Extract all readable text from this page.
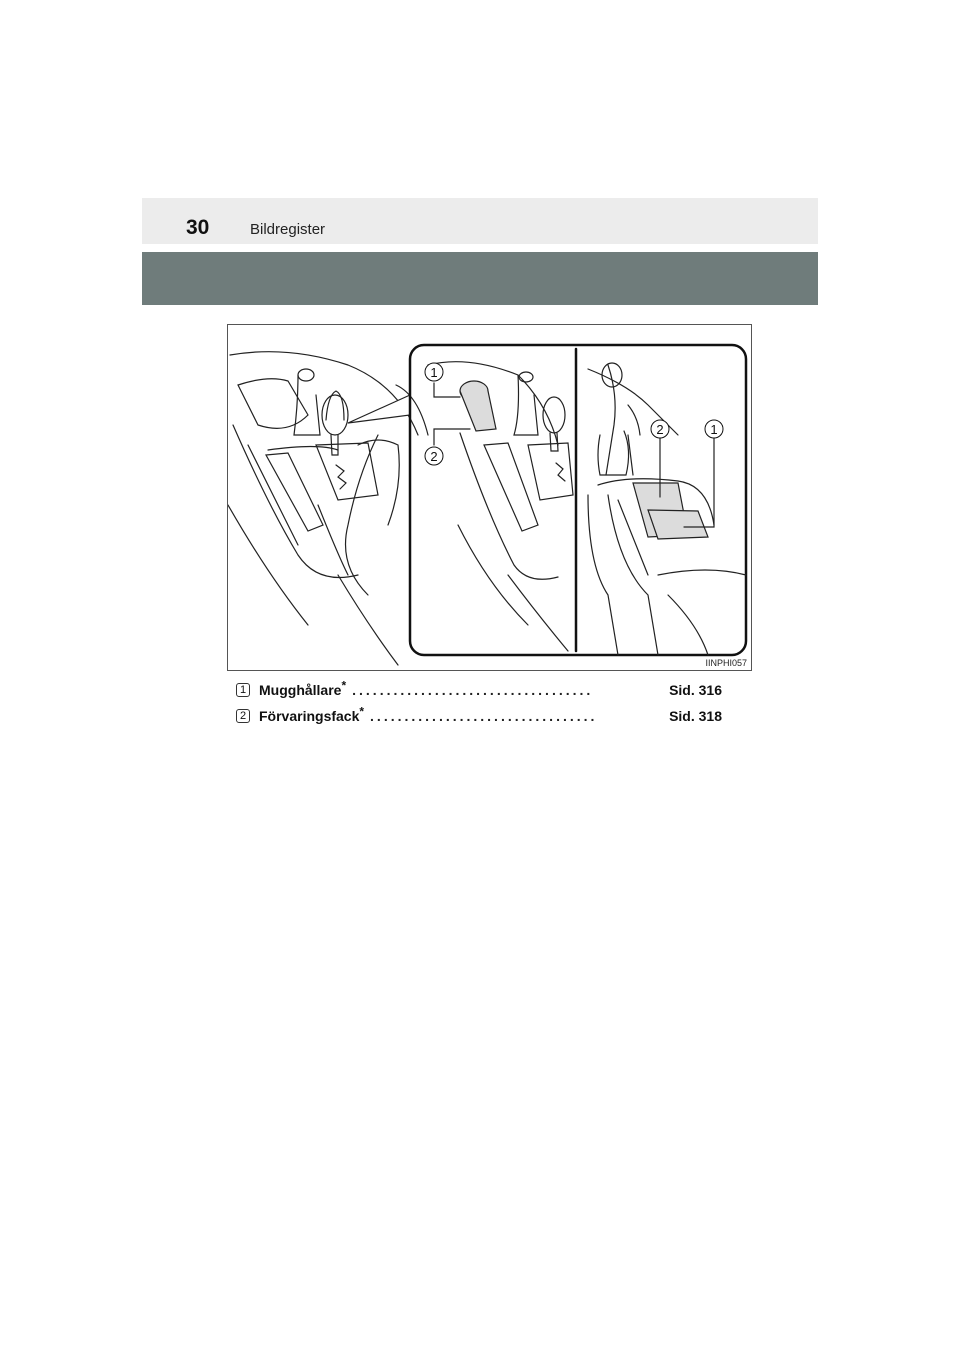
30	Bildregister
1
2
2	1
IINPHI057
1 Mugghållare* ...................................	Sid. 316
2 Förvaringsfack* .................................	Sid. 318
